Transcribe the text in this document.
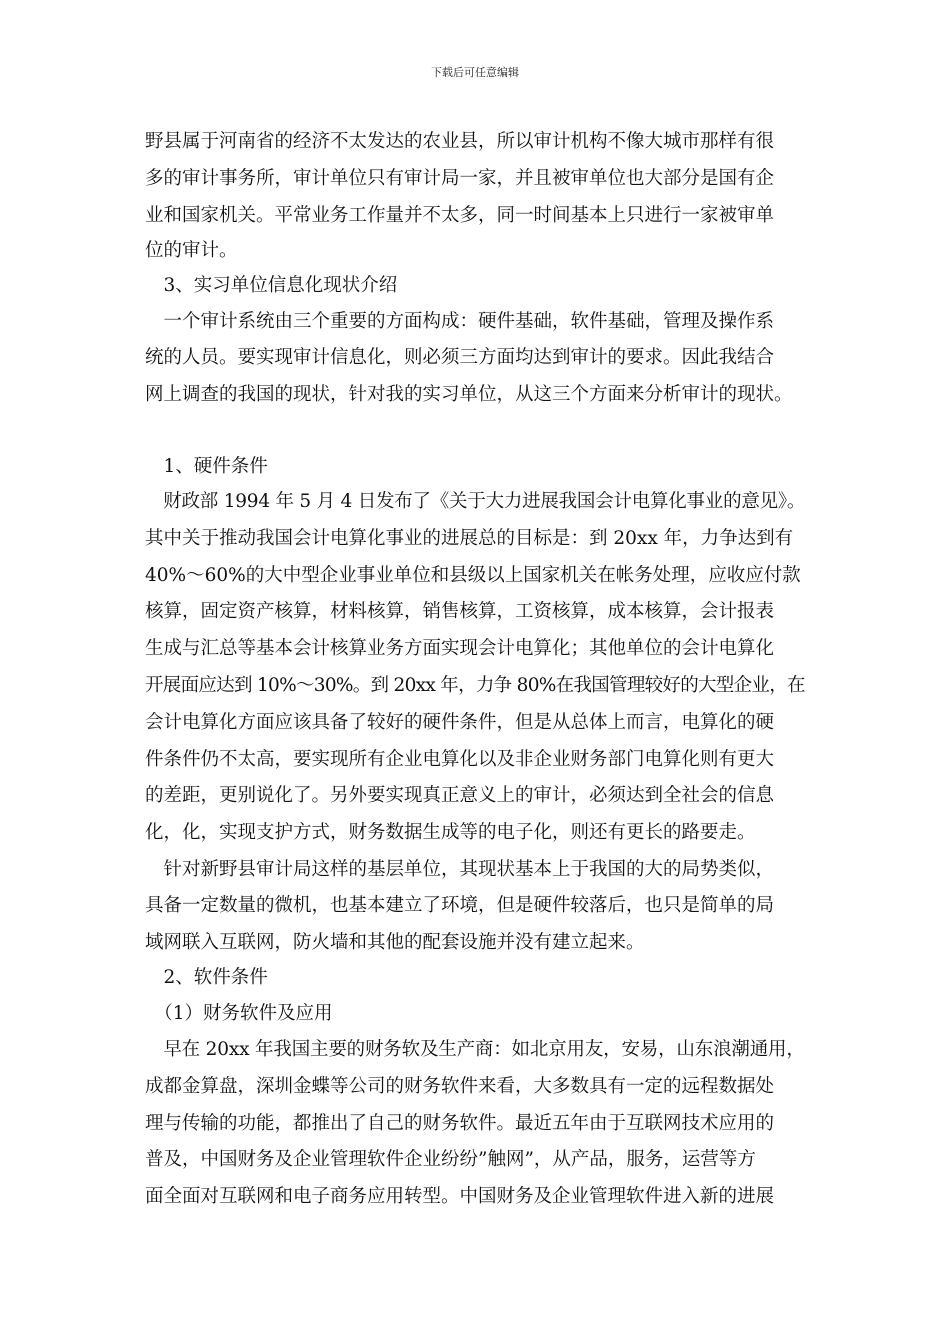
下载后可任意编辑
野县属于河南省的经济不太发达的农业县，所以审计机构不像大城市那样有很
多的审计事务所，审计单位只有审计局一家，并且被审单位也大部分是国有企
业和国家机关。平常业务工作量并不太多，同一时间基本上只进行一家被审单
位的审计。
　3、实习单位信息化现状介绍
　一个审计系统由三个重要的方面构成：硬件基础，软件基础，管理及操作系
统的人员。要实现审计信息化，则必须三方面均达到审计的要求。因此我结合
网上调查的我国的现状，针对我的实习单位，从这三个方面来分析审计的现状。
　1、硬件条件
　财政部 1994 年 5 月 4 日发布了《关于大力进展我国会计电算化事业的意见》。
其中关于推动我国会计电算化事业的进展总的目标是：到 20xx 年，力争达到有
40%～60%的大中型企业事业单位和县级以上国家机关在帐务处理，应收应付款
核算，固定资产核算，材料核算，销售核算，工资核算，成本核算，会计报表
生成与汇总等基本会计核算业务方面实现会计电算化；其他单位的会计电算化
开展面应达到 10%～30%。到 20xx 年，力争 80%在我国管理较好的大型企业，在
会计电算化方面应该具备了较好的硬件条件，但是从总体上而言，电算化的硬
件条件仍不太高，要实现所有企业电算化以及非企业财务部门电算化则有更大
的差距，更别说化了。另外要实现真正意义上的审计，必须达到全社会的信息
化，化，实现支护方式，财务数据生成等的电子化，则还有更长的路要走。
　针对新野县审计局这样的基层单位，其现状基本上于我国的大的局势类似，
具备一定数量的微机，也基本建立了环境，但是硬件较落后，也只是简单的局
域网联入互联网，防火墙和其他的配套设施并没有建立起来。
　2、软件条件
　（1）财务软件及应用
　早在 20xx 年我国主要的财务软及生产商：如北京用友，安易，山东浪潮通用，
成都金算盘，深圳金蝶等公司的财务软件来看，大多数具有一定的远程数据处
理与传输的功能，都推出了自己的财务软件。最近五年由于互联网技术应用的
普及，中国财务及企业管理软件企业纷纷”触网”，从产品，服务，运营等方
面全面对互联网和电子商务应用转型。中国财务及企业管理软件进入新的进展
